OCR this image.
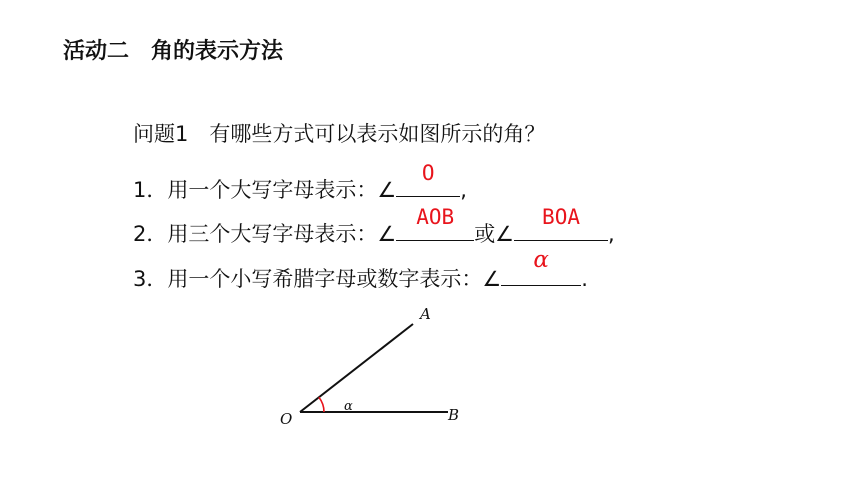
活动二　角的表示方法
问题1　有哪些方式可以表示如图所示的角？
1．用一个大写字母表示：∠
O
,
2．用三个大写字母表示：∠
AOB
或∠
BOA
,
3．用一个小写希腊字母或数字表示：∠
α
.
O
A
B
α
